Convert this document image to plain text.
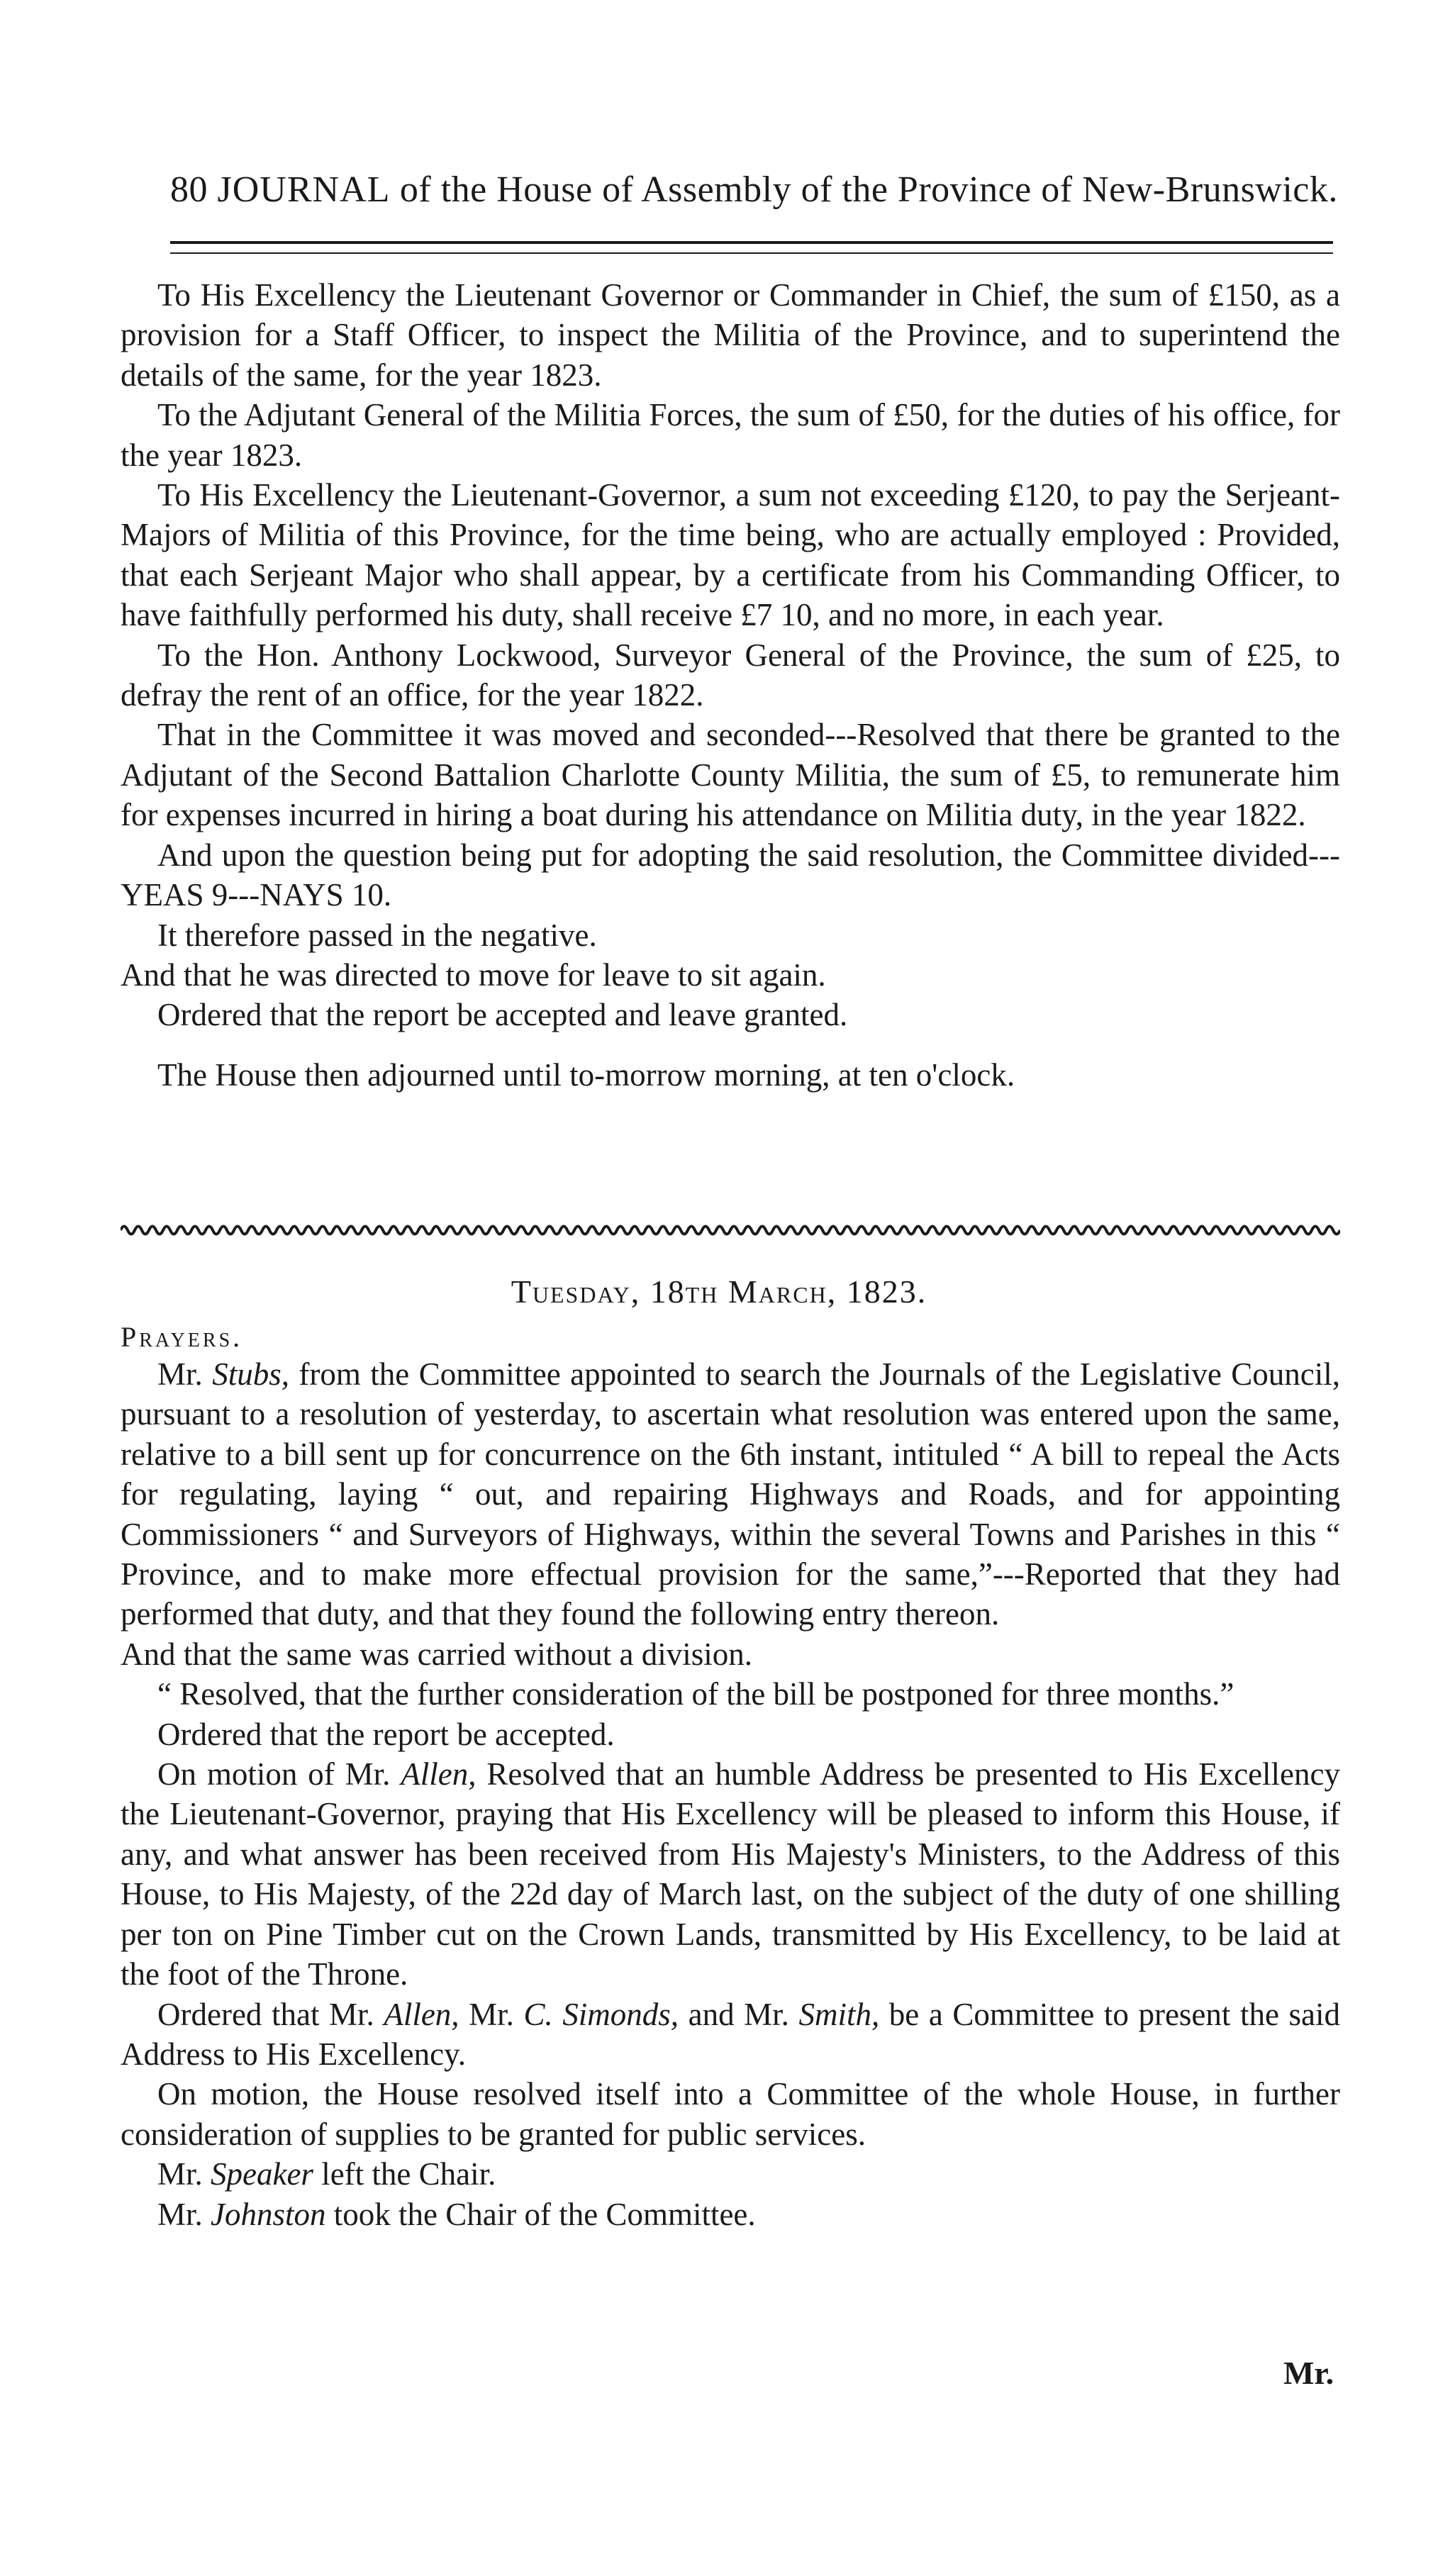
80 JOURNAL of the House of Assembly of the Province of New-Brunswick.

To His Excellency the Lieutenant Governor or Commander in Chief, the sum of £150, as a provision for a Staff Officer, to inspect the Militia of the Province, and to superintend the details of the same, for the year 1823.

To the Adjutant General of the Militia Forces, the sum of £50, for the duties of his office, for the year 1823.

To His Excellency the Lieutenant-Governor, a sum not exceeding £120, to pay the Serjeant-Majors of Militia of this Province, for the time being, who are actually employed : Provided, that each Serjeant Major who shall appear, by a certificate from his Commanding Officer, to have faithfully performed his duty, shall receive £7 10, and no more, in each year.

To the Hon. Anthony Lockwood, Surveyor General of the Province, the sum of £25, to defray the rent of an office, for the year 1822.

That in the Committee it was moved and seconded---Resolved that there be granted to the Adjutant of the Second Battalion Charlotte County Militia, the sum of £5, to remunerate him for expenses incurred in hiring a boat during his attendance on Militia duty, in the year 1822.

And upon the question being put for adopting the said resolution, the Committee divided---YEAS 9---NAYS 10.

It therefore passed in the negative.

And that he was directed to move for leave to sit again.

Ordered that the report be accepted and leave granted.

The House then adjourned until to-morrow morning, at ten o'clock.

Tuesday, 18th March, 1823.
Prayers.

Mr. Stubs, from the Committee appointed to search the Journals of the Legislative Council, pursuant to a resolution of yesterday, to ascertain what resolution was entered upon the same, relative to a bill sent up for concurrence on the 6th instant, intituled “ A bill to repeal the Acts for regulating, laying “ out, and repairing Highways and Roads, and for appointing Commissioners “ and Surveyors of Highways, within the several Towns and Parishes in this “ Province, and to make more effectual provision for the same,”---Reported that they had performed that duty, and that they found the following entry thereon.

And that the same was carried without a division.

“ Resolved, that the further consideration of the bill be postponed for three months.”

Ordered that the report be accepted.

On motion of Mr. Allen, Resolved that an humble Address be presented to His Excellency the Lieutenant-Governor, praying that His Excellency will be pleased to inform this House, if any, and what answer has been received from His Majesty's Ministers, to the Address of this House, to His Majesty, of the 22d day of March last, on the subject of the duty of one shilling per ton on Pine Timber cut on the Crown Lands, transmitted by His Excellency, to be laid at the foot of the Throne.

Ordered that Mr. Allen, Mr. C. Simonds, and Mr. Smith, be a Committee to present the said Address to His Excellency.

On motion, the House resolved itself into a Committee of the whole House, in further consideration of supplies to be granted for public services.

Mr. Speaker left the Chair.

Mr. Johnston took the Chair of the Committee.

Mr.
